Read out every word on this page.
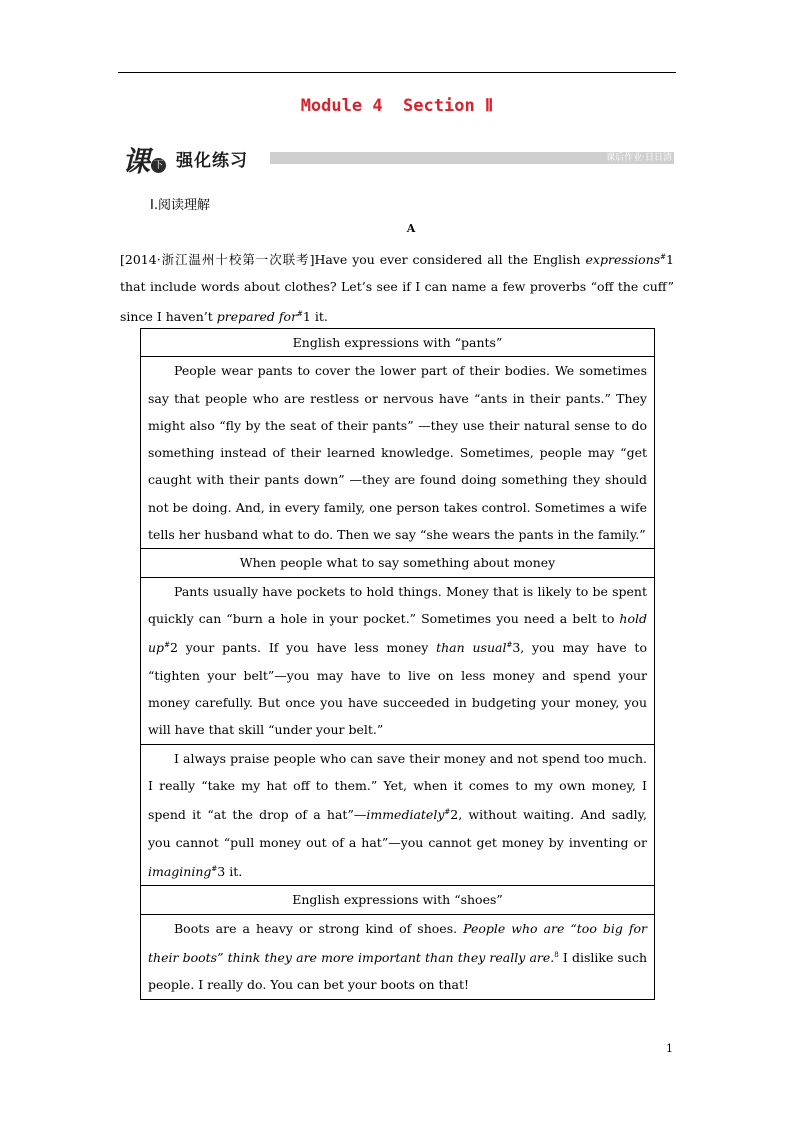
Module 4  Section Ⅱ
课 下 强化练习	课后作业·日日清
Ⅰ.阅读理解
A

[2014·浙江温州十校第一次联考]Have you ever considered all the English expressions#1 that include words about clothes? Let’s see if I can name a few proverbs “off the cuff” since I haven’t prepared for#1 it.

English expressions with “pants”

People wear pants to cover the lower part of their bodies. We sometimes say that people who are restless or nervous have “ants in their pants.” They might also “fly by the seat of their pants” —they use their natural sense to do something instead of their learned knowledge. Sometimes, people may “get caught with their pants down” —they are found doing something they should not be doing. And, in every family, one person takes control. Sometimes a wife tells her husband what to do. Then we say “she wears the pants in the family.”

When people what to say something about money

Pants usually have pockets to hold things. Money that is likely to be spent quickly can “burn a hole in your pocket.” Sometimes you need a belt to hold up#2 your pants. If you have less money than usual#3, you may have to “tighten your belt”—you may have to live on less money and spend your money carefully. But once you have succeeded in budgeting your money, you will have that skill “under your belt.”

I always praise people who can save their money and not spend too much. I really “take my hat off to them.” Yet, when it comes to my own money, I spend it “at the drop of a hat”—immediately#2, without waiting. And sadly, you cannot “pull money out of a hat”—you cannot get money by inventing or imagining#3 it.

English expressions with “shoes”

Boots are a heavy or strong kind of shoes. People who are “too big for their boots” think they are more important than they really are.$^8$ I dislike such people. I really do. You can bet your boots on that!

1
